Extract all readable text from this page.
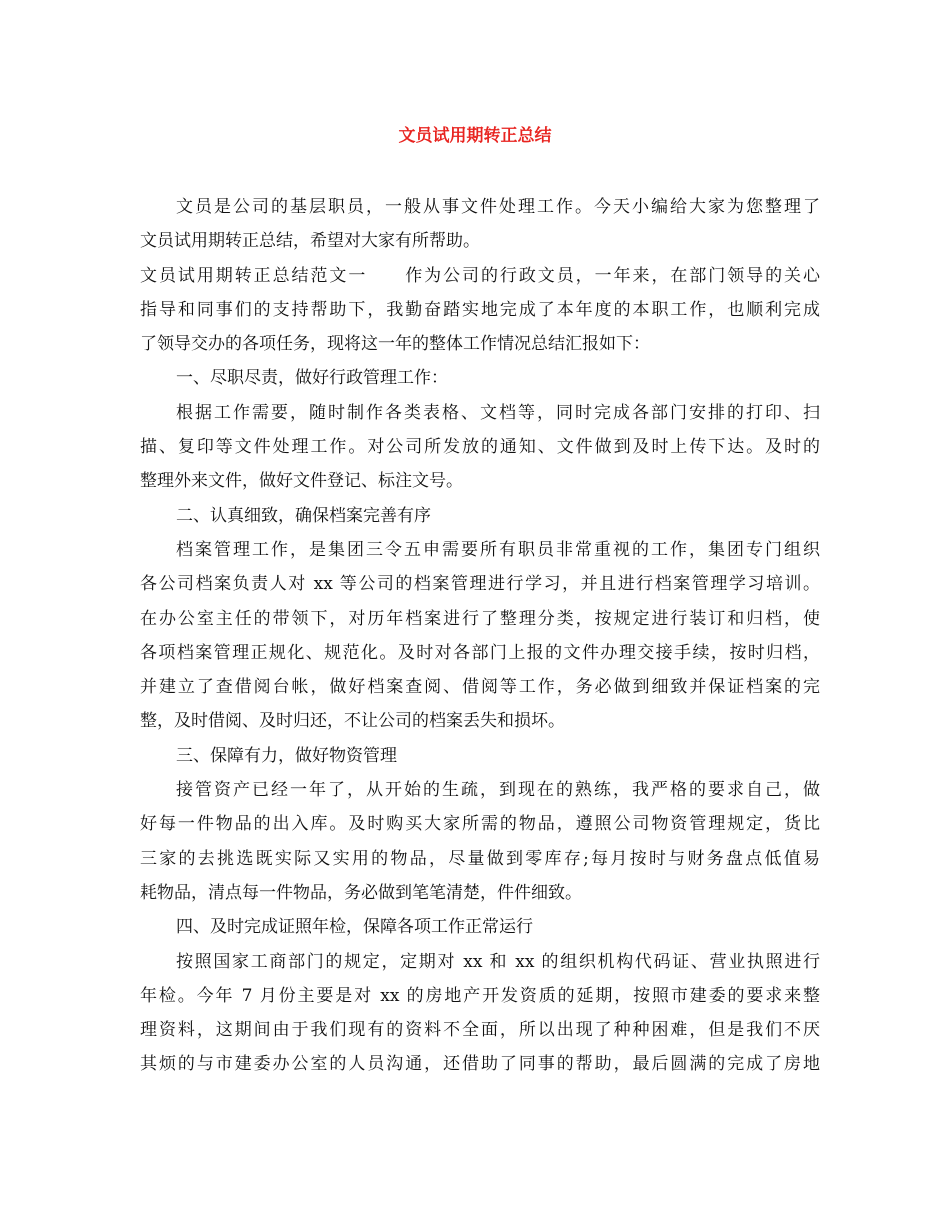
文员试用期转正总结
文员是公司的基层职员，一般从事文件处理工作。今天小编给大家为您整理了
文员试用期转正总结，希望对大家有所帮助。
文员试用期转正总结范文一　　作为公司的行政文员，一年来，在部门领导的关心
指导和同事们的支持帮助下，我勤奋踏实地完成了本年度的本职工作，也顺利完成
了领导交办的各项任务，现将这一年的整体工作情况总结汇报如下：
一、尽职尽责，做好行政管理工作：
根据工作需要，随时制作各类表格、文档等，同时完成各部门安排的打印、扫
描、复印等文件处理工作。对公司所发放的通知、文件做到及时上传下达。及时的
整理外来文件，做好文件登记、标注文号。
二、认真细致，确保档案完善有序
档案管理工作，是集团三令五申需要所有职员非常重视的工作，集团专门组织
各公司档案负责人对 xx 等公司的档案管理进行学习，并且进行档案管理学习培训。
在办公室主任的带领下，对历年档案进行了整理分类，按规定进行装订和归档，使
各项档案管理正规化、规范化。及时对各部门上报的文件办理交接手续，按时归档，
并建立了查借阅台帐，做好档案查阅、借阅等工作，务必做到细致并保证档案的完
整，及时借阅、及时归还，不让公司的档案丢失和损坏。
三、保障有力，做好物资管理
接管资产已经一年了，从开始的生疏，到现在的熟练，我严格的要求自己，做
好每一件物品的出入库。及时购买大家所需的物品，遵照公司物资管理规定，货比
三家的去挑选既实际又实用的物品，尽量做到零库存;每月按时与财务盘点低值易
耗物品，清点每一件物品，务必做到笔笔清楚，件件细致。
四、及时完成证照年检，保障各项工作正常运行
按照国家工商部门的规定，定期对 xx 和 xx 的组织机构代码证、营业执照进行
年检。今年 7 月份主要是对 xx 的房地产开发资质的延期，按照市建委的要求来整
理资料，这期间由于我们现有的资料不全面，所以出现了种种困难，但是我们不厌
其烦的与市建委办公室的人员沟通，还借助了同事的帮助，最后圆满的完成了房地
